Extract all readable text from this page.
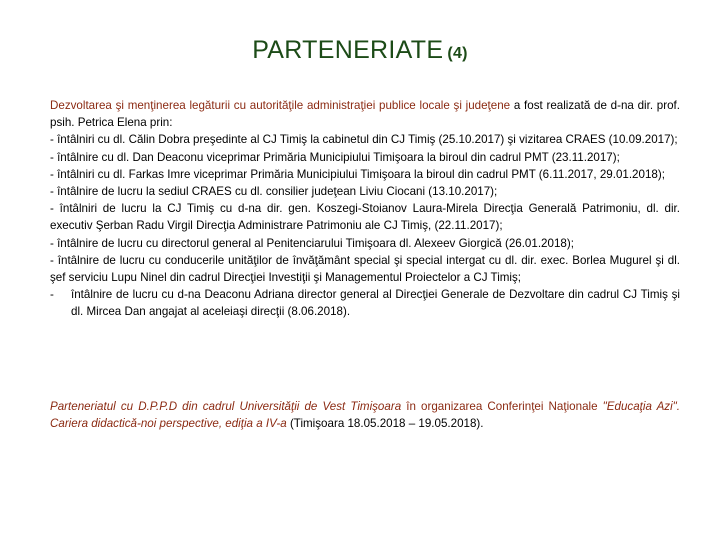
PARTENERIATE (4)

Dezvoltarea şi menţinerea legăturii cu autorităţile administraţiei publice locale şi judeţene a fost realizată de d-na dir. prof. psih. Petrica Elena prin:

- întâlniri cu dl. Călin Dobra preşedinte al CJ Timiş la cabinetul din CJ Timiş (25.10.2017) şi vizitarea CRAES (10.09.2017);

- întâlnire cu dl. Dan Deaconu viceprimar Primăria Municipiului Timişoara la biroul din cadrul PMT (23.11.2017);

- întâlniri cu dl. Farkas Imre viceprimar Primăria Municipiului Timişoara la biroul din cadrul PMT (6.11.2017, 29.01.2018);

- întâlnire de lucru la sediul CRAES cu dl. consilier judeţean Liviu Ciocani (13.10.2017);

- întâlniri de lucru la CJ Timiş cu d-na dir. gen. Koszegi-Stoianov Laura-Mirela Direcţia Generală Patrimoniu, dl. dir. executiv Şerban Radu Virgil Direcţia Administrare Patrimoniu ale CJ Timiş, (22.11.2017);

- întâlnire de lucru cu directorul general al Penitenciarului Timişoara dl. Alexeev Giorgică (26.01.2018);

- întâlnire de lucru cu conducerile unităţilor de învăţământ special şi special intergat cu dl. dir. exec. Borlea Mugurel şi dl. şef serviciu Lupu Ninel din cadrul Direcţiei Investiţii şi Managementul Proiectelor a CJ Timiş;

- întâlnire de lucru cu d-na Deaconu Adriana director general al Direcţiei Generale de Dezvoltare din cadrul CJ Timiş şi dl. Mircea Dan angajat al aceleiaşi direcţii (8.06.2018).

Parteneriatul cu D.P.P.D din cadrul Universităţii de Vest Timişoara în organizarea Conferinţei Naţionale "Educaţia Azi". Cariera didactică-noi perspective, ediţia a IV-a (Timişoara 18.05.2018 – 19.05.2018).
